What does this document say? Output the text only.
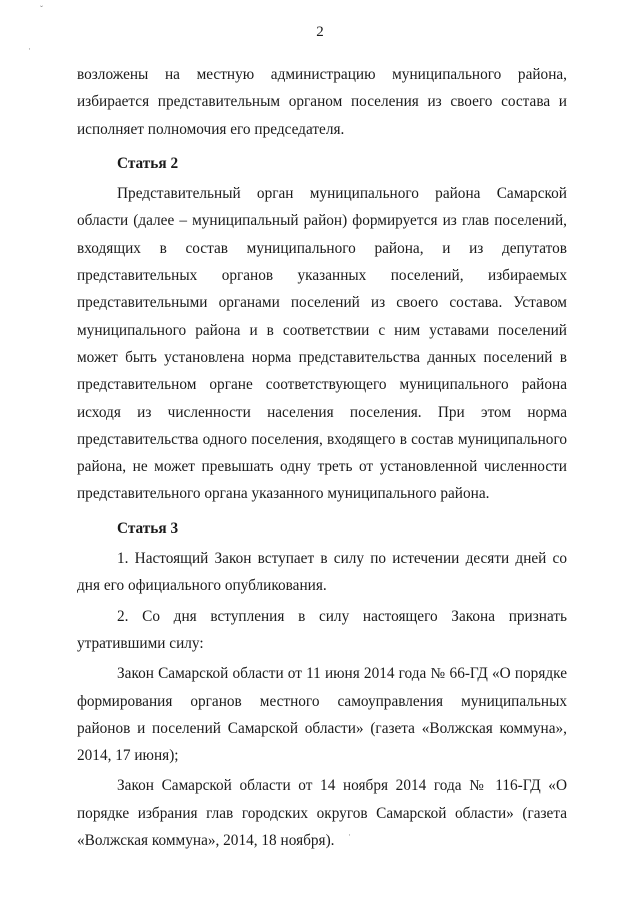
ˇ
·
·
2

возложены на местную администрацию муниципального района, избирается представительным органом поселения из своего состава и исполняет полномочия его председателя.

Статья 2

Представительный орган муниципального района Самарской области (далее – муниципальный район) формируется из глав поселений, входящих в состав муниципального района, и из депутатов представительных органов указанных поселений, избираемых представительными органами поселений из своего состава. Уставом муниципального района и в соответствии с ним уставами поселений может быть установлена норма представительства данных поселений в представительном органе соответствующего муниципального района исходя из численности населения поселения. При этом норма представительства одного поселения, входящего в состав муниципального района, не может превышать одну треть от установленной численности представительного органа указанного муниципального района.

Статья 3

1. Настоящий Закон вступает в силу по истечении десяти дней со дня его официального опубликования.

2. Со дня вступления в силу настоящего Закона признать утратившими силу:

Закон Самарской области от 11 июня 2014 года № 66-ГД «О порядке формирования органов местного самоуправления муниципальных районов и поселений Самарской области» (газета «Волжская коммуна», 2014, 17 июня);

Закон Самарской области от 14 ноября 2014 года № 116-ГД «О порядке избрания глав городских округов Самарской области» (газета «Волжская коммуна», 2014, 18 ноября).
